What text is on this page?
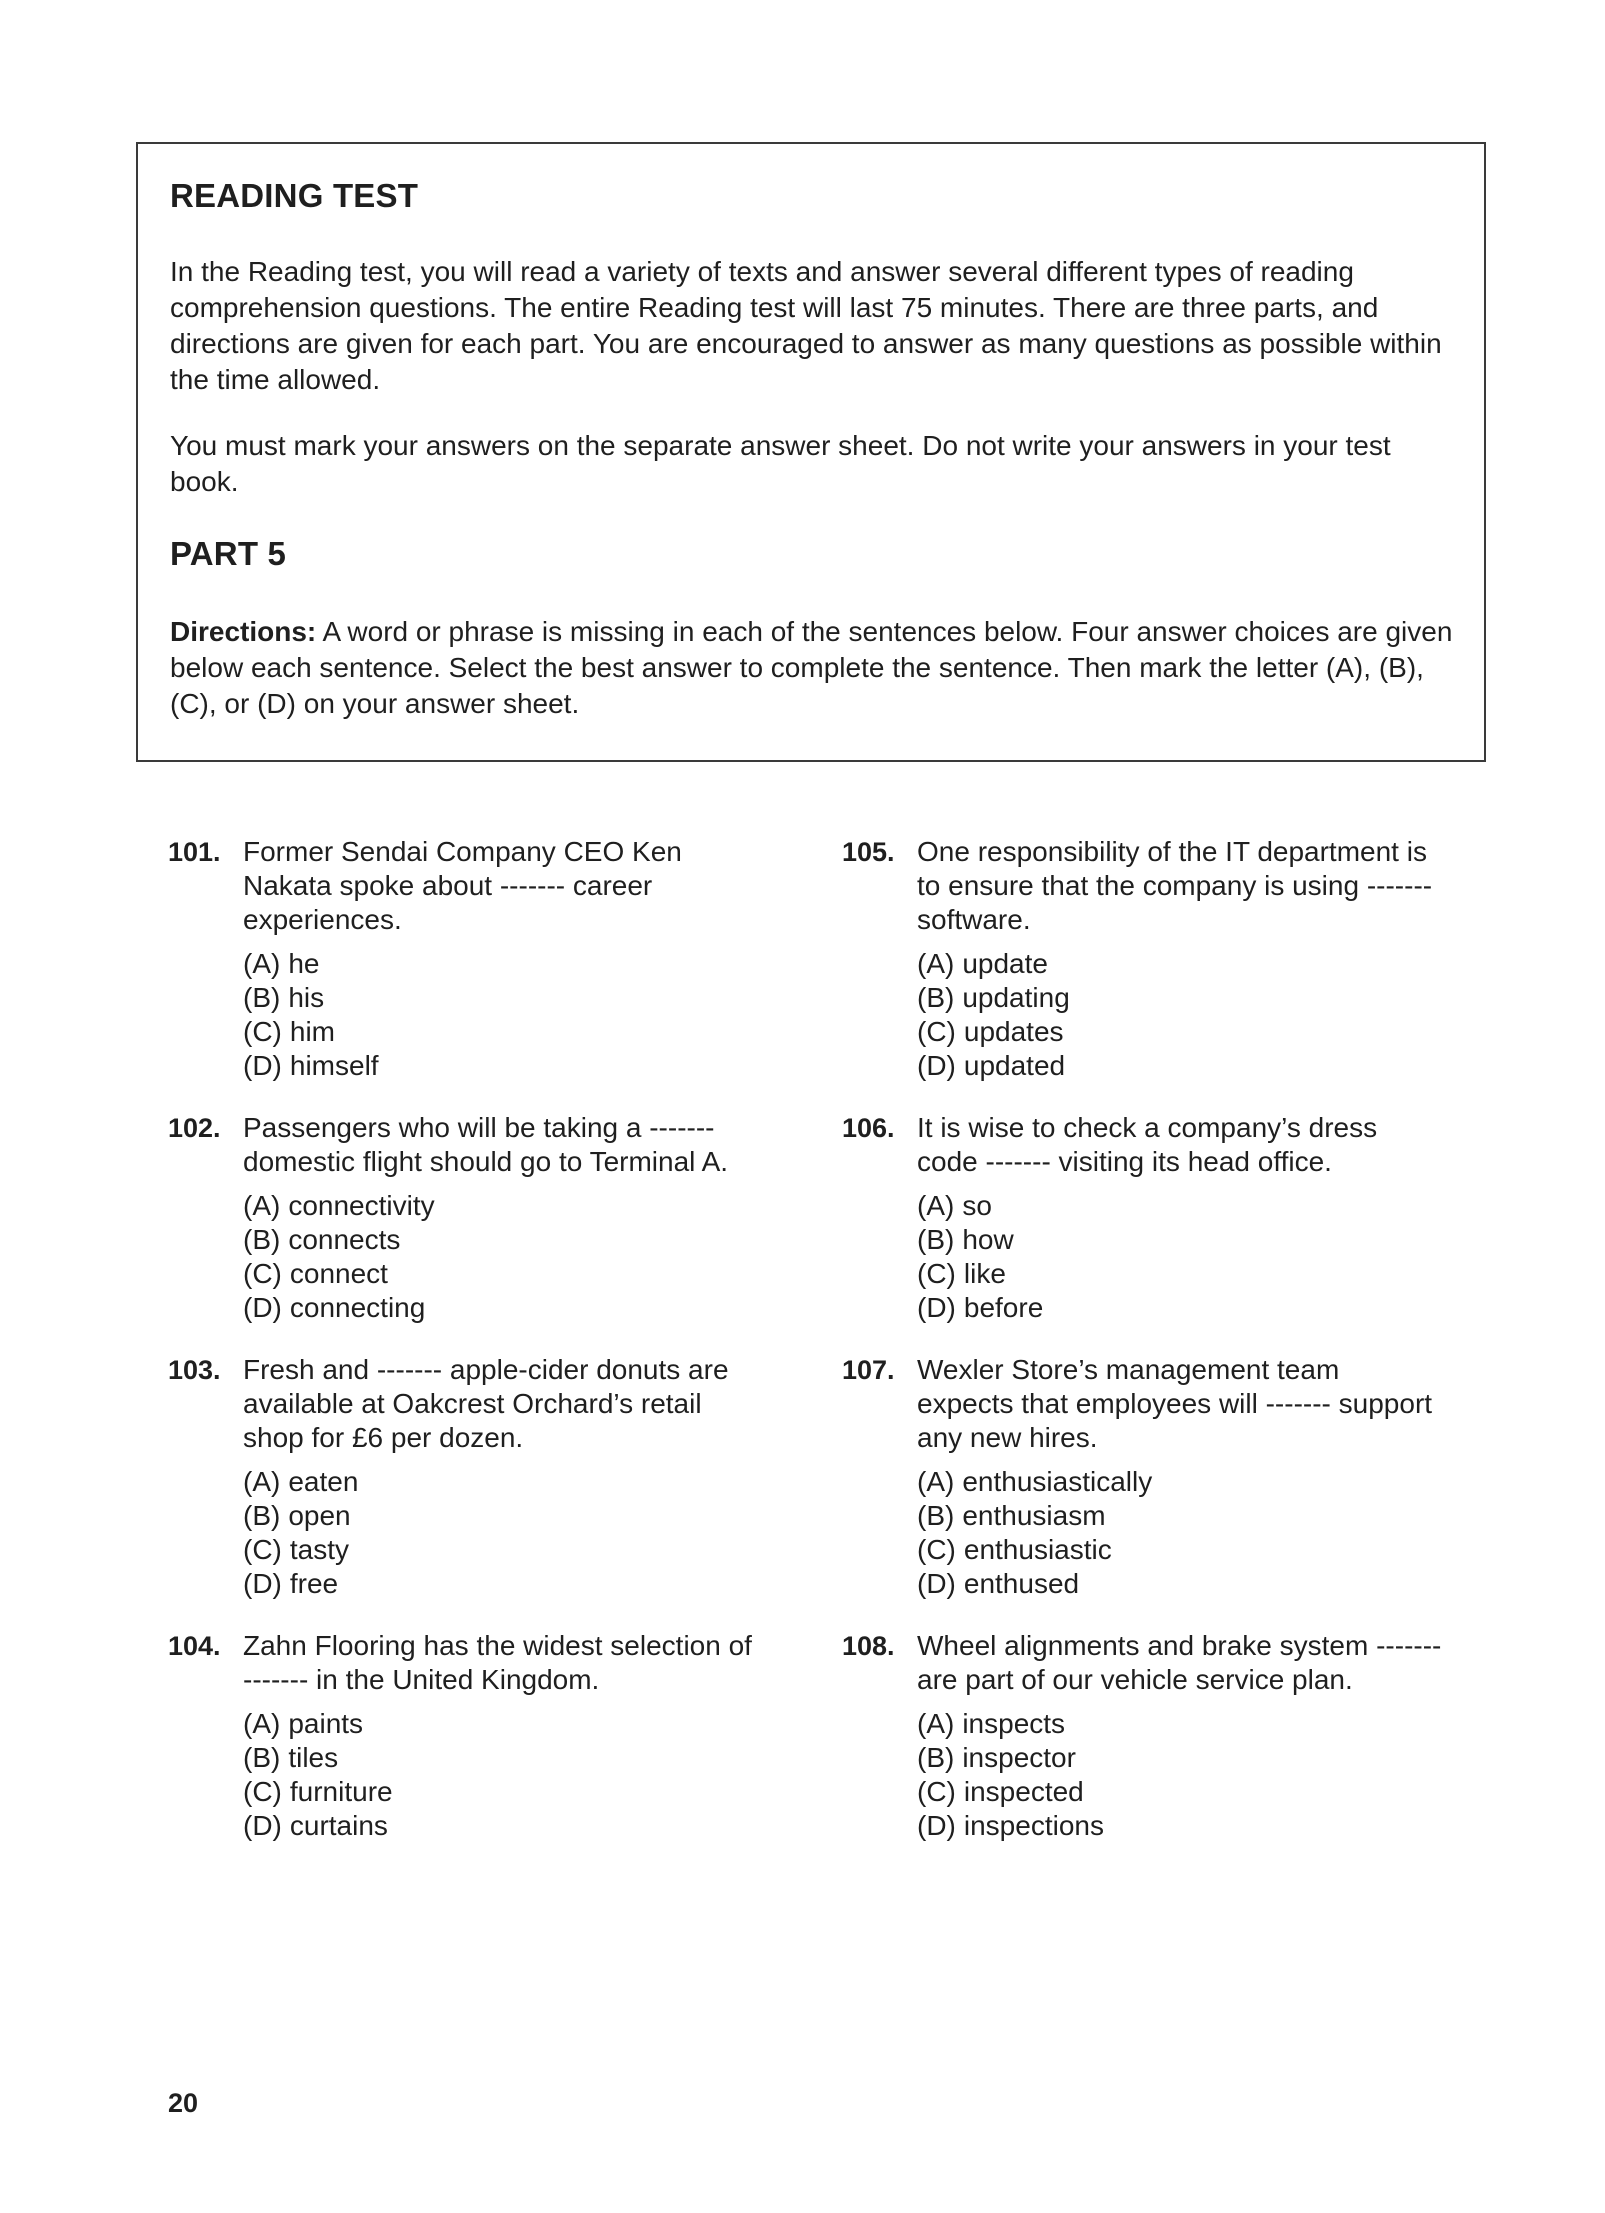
READING TEST

In the Reading test, you will read a variety of texts and answer several different types of reading comprehension questions. The entire Reading test will last 75 minutes. There are three parts, and directions are given for each part. You are encouraged to answer as many questions as possible within the time allowed.

You must mark your answers on the separate answer sheet. Do not write your answers in your test book.

PART 5

Directions: A word or phrase is missing in each of the sentences below. Four answer choices are given below each sentence. Select the best answer to complete the sentence. Then mark the letter (A), (B), (C), or (D) on your answer sheet.

101. Former Sendai Company CEO Ken Nakata spoke about ------- career experiences.

(A) he
(B) his
(C) him
(D) himself
102. Passengers who will be taking a ------- domestic flight should go to Terminal A.

(A) connectivity
(B) connects
(C) connect
(D) connecting
103. Fresh and ------- apple-cider donuts are available at Oakcrest Orchard’s retail shop for £6 per dozen.

(A) eaten
(B) open
(C) tasty
(D) free
104. Zahn Flooring has the widest selection of ------- in the United Kingdom.

(A) paints
(B) tiles
(C) furniture
(D) curtains
105. One responsibility of the IT department is to ensure that the company is using ------- software.

(A) update
(B) updating
(C) updates
(D) updated
106. It is wise to check a company’s dress code ------- visiting its head office.

(A) so
(B) how
(C) like
(D) before
107. Wexler Store’s management team expects that employees will ------- support any new hires.

(A) enthusiastically
(B) enthusiasm
(C) enthusiastic
(D) enthused
108. Wheel alignments and brake system ------- are part of our vehicle service plan.

(A) inspects
(B) inspector
(C) inspected
(D) inspections
20
